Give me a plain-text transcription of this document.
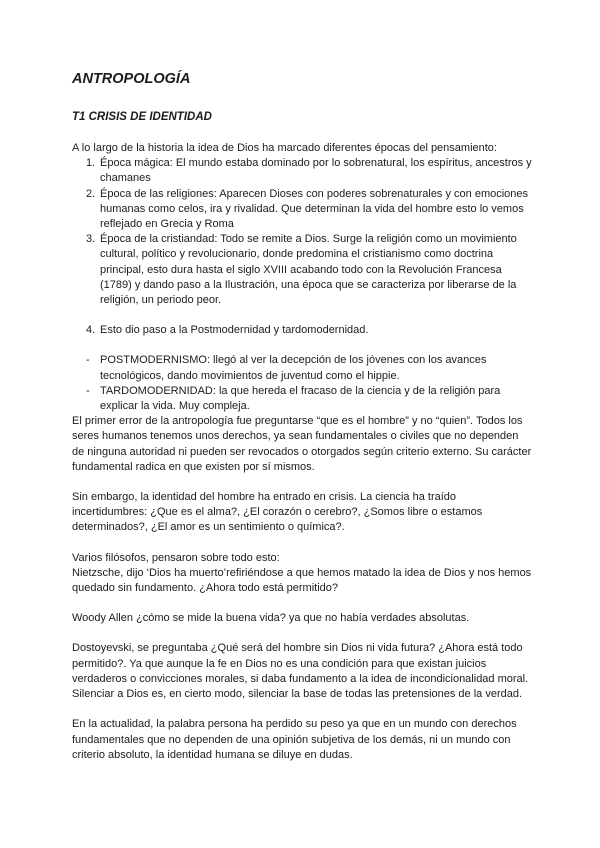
ANTROPOLOGÍA
T1 CRISIS DE IDENTIDAD

A lo largo de la historia la idea de Dios ha marcado diferentes épocas del pensamiento:

1. Época mágica: El mundo estaba dominado por lo sobrenatural, los espíritus, ancestros y chamanes
2. Época de las religiones: Aparecen Dioses con poderes sobrenaturales y con emociones humanas como celos, ira y rivalidad. Que determinan la vida del hombre esto lo vemos reflejado en Grecia y Roma
3. Época de la cristiandad: Todo se remite a Dios. Surge la religión como un movimiento cultural, político y revolucionario, donde predomina el cristianismo como doctrina principal, esto dura hasta el siglo XVIII acabando todo con la Revolución Francesa (1789) y dando paso a la Ilustración, una época que se caracteriza por liberarse de la religión, un periodo peor.
4. Esto dio paso a la Postmodernidad y tardomodernidad.
- POSTMODERNISMO: llegó al ver la decepción de los jóvenes con los avances tecnológicos, dando movimientos de juventud como el hippie.
- TARDOMODERNIDAD: la que hereda el fracaso de la ciencia y de la religión para explicar la vida. Muy compleja.

El primer error de la antropología fue preguntarse “que es el hombre” y no “quien”. Todos los seres humanos tenemos unos derechos, ya sean fundamentales o civiles que no dependen de ninguna autoridad ni pueden ser revocados o otorgados según criterio externo. Su carácter fundamental radica en que existen por sí mismos.

Sin embargo, la identidad del hombre ha entrado en crisis. La ciencia ha traído incertidumbres: ¿Que es el alma?, ¿El corazón o cerebro?, ¿Somos libre o estamos determinados?, ¿El amor es un sentimiento o química?.

Varios filósofos, pensaron sobre todo esto:

Nietzsche, dijo ‘Dios ha muerto’refiriéndose a que hemos matado la idea de Dios y nos hemos quedado sin fundamento. ¿Ahora todo está permitido?

Woody Allen ¿cómo se mide la buena vida? ya que no había verdades absolutas.

Dostoyevski, se preguntaba ¿Qué será del hombre sin Dios ni vida futura? ¿Ahora está todo permitido?. Ya que aunque la fe en Dios no es una condición para que existan juicios verdaderos o convicciones morales, si daba fundamento a la idea de incondicionalidad moral. Silenciar a Dios es, en cierto modo, silenciar la base de todas las pretensiones de la verdad.

En la actualidad, la palabra persona ha perdido su peso ya que en un mundo con derechos fundamentales que no dependen de una opinión subjetiva de los demás, ni un mundo con criterio absoluto, la identidad humana se diluye en dudas.
